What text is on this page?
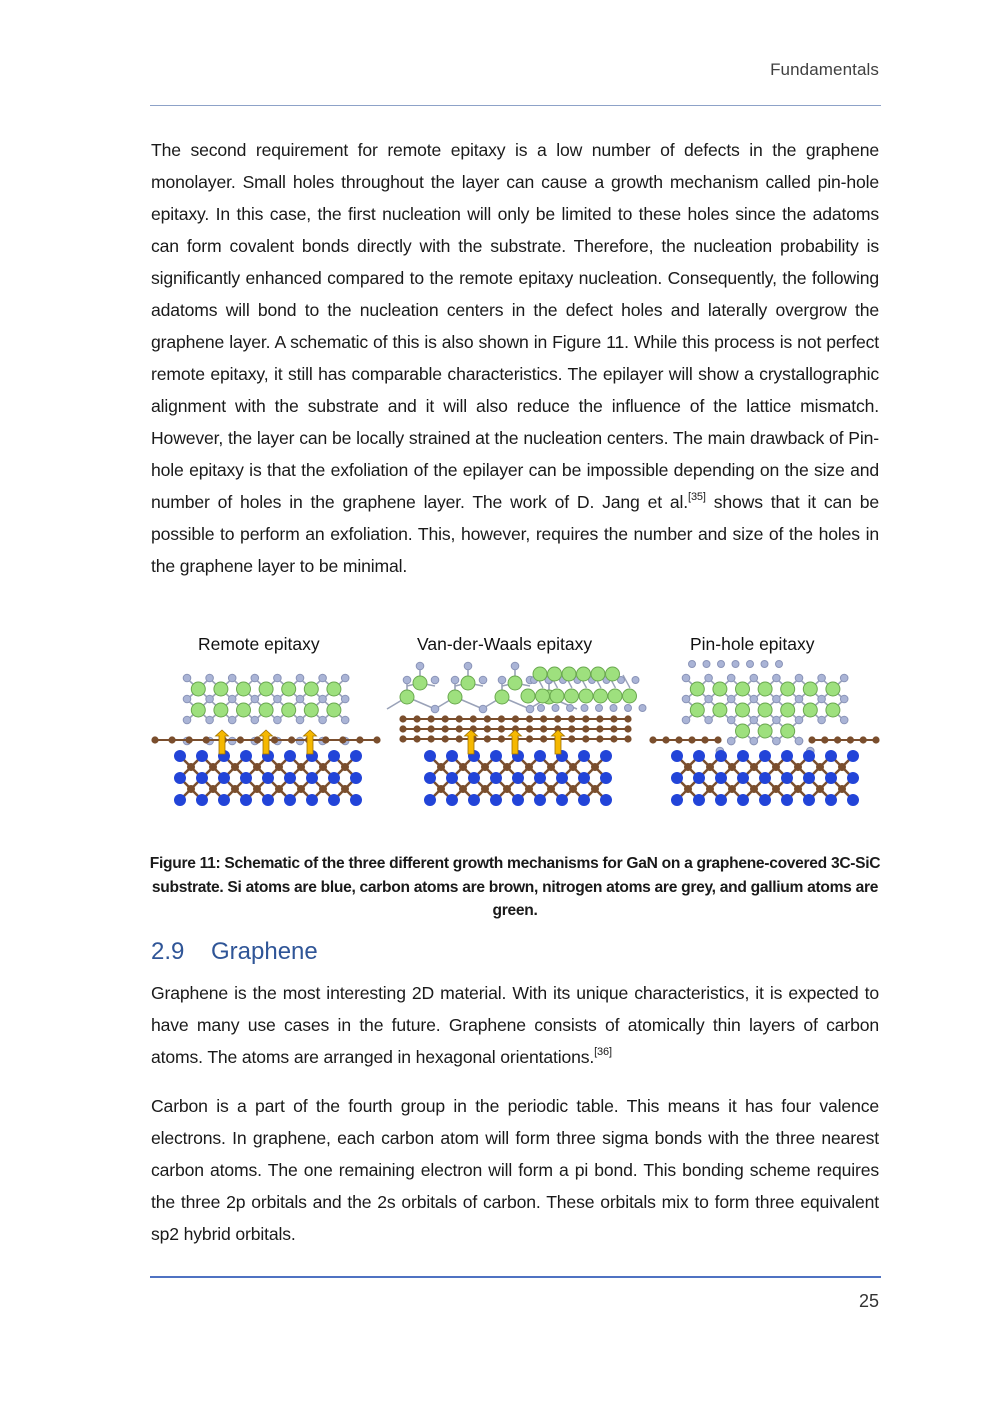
Fundamentals

The second requirement for remote epitaxy is a low number of defects in the graphene monolayer. Small holes throughout the layer can cause a growth mechanism called pin-hole epitaxy. In this case, the first nucleation will only be limited to these holes since the adatoms can form covalent bonds directly with the substrate. Therefore, the nucleation probability is significantly enhanced compared to the remote epitaxy nucleation. Consequently, the following adatoms will bond to the nucleation centers in the defect holes and laterally overgrow the graphene layer. A schematic of this is also shown in Figure 11. While this process is not perfect remote epitaxy, it still has comparable characteristics. The epilayer will show a crystallographic alignment with the substrate and it will also reduce the influence of the lattice mismatch. However, the layer can be locally strained at the nucleation centers. The main drawback of Pin-hole epitaxy is that the exfoliation of the epilayer can be impossible depending on the size and number of holes in the graphene layer. The work of D. Jang et al.[35] shows that it can be possible to perform an exfoliation. This, however, requires the number and size of the holes in the graphene layer to be minimal.

Remote epitaxy	Van-der-Waals epitaxy	Pin-hole epitaxy

Figure 11: Schematic of the three different growth mechanisms for GaN on a graphene-covered 3C-SiC substrate. Si atoms are blue, carbon atoms are brown, nitrogen atoms are grey, and gallium atoms are green.

2.9 Graphene

Graphene is the most interesting 2D material. With its unique characteristics, it is expected to have many use cases in the future. Graphene consists of atomically thin layers of carbon atoms. The atoms are arranged in hexagonal orientations.[36]

Carbon is a part of the fourth group in the periodic table. This means it has four valence electrons. In graphene, each carbon atom will form three sigma bonds with the three nearest carbon atoms. The one remaining electron will form a pi bond. This bonding scheme requires the three 2p orbitals and the 2s orbitals of carbon. These orbitals mix to form three equivalent sp2 hybrid orbitals.

25
